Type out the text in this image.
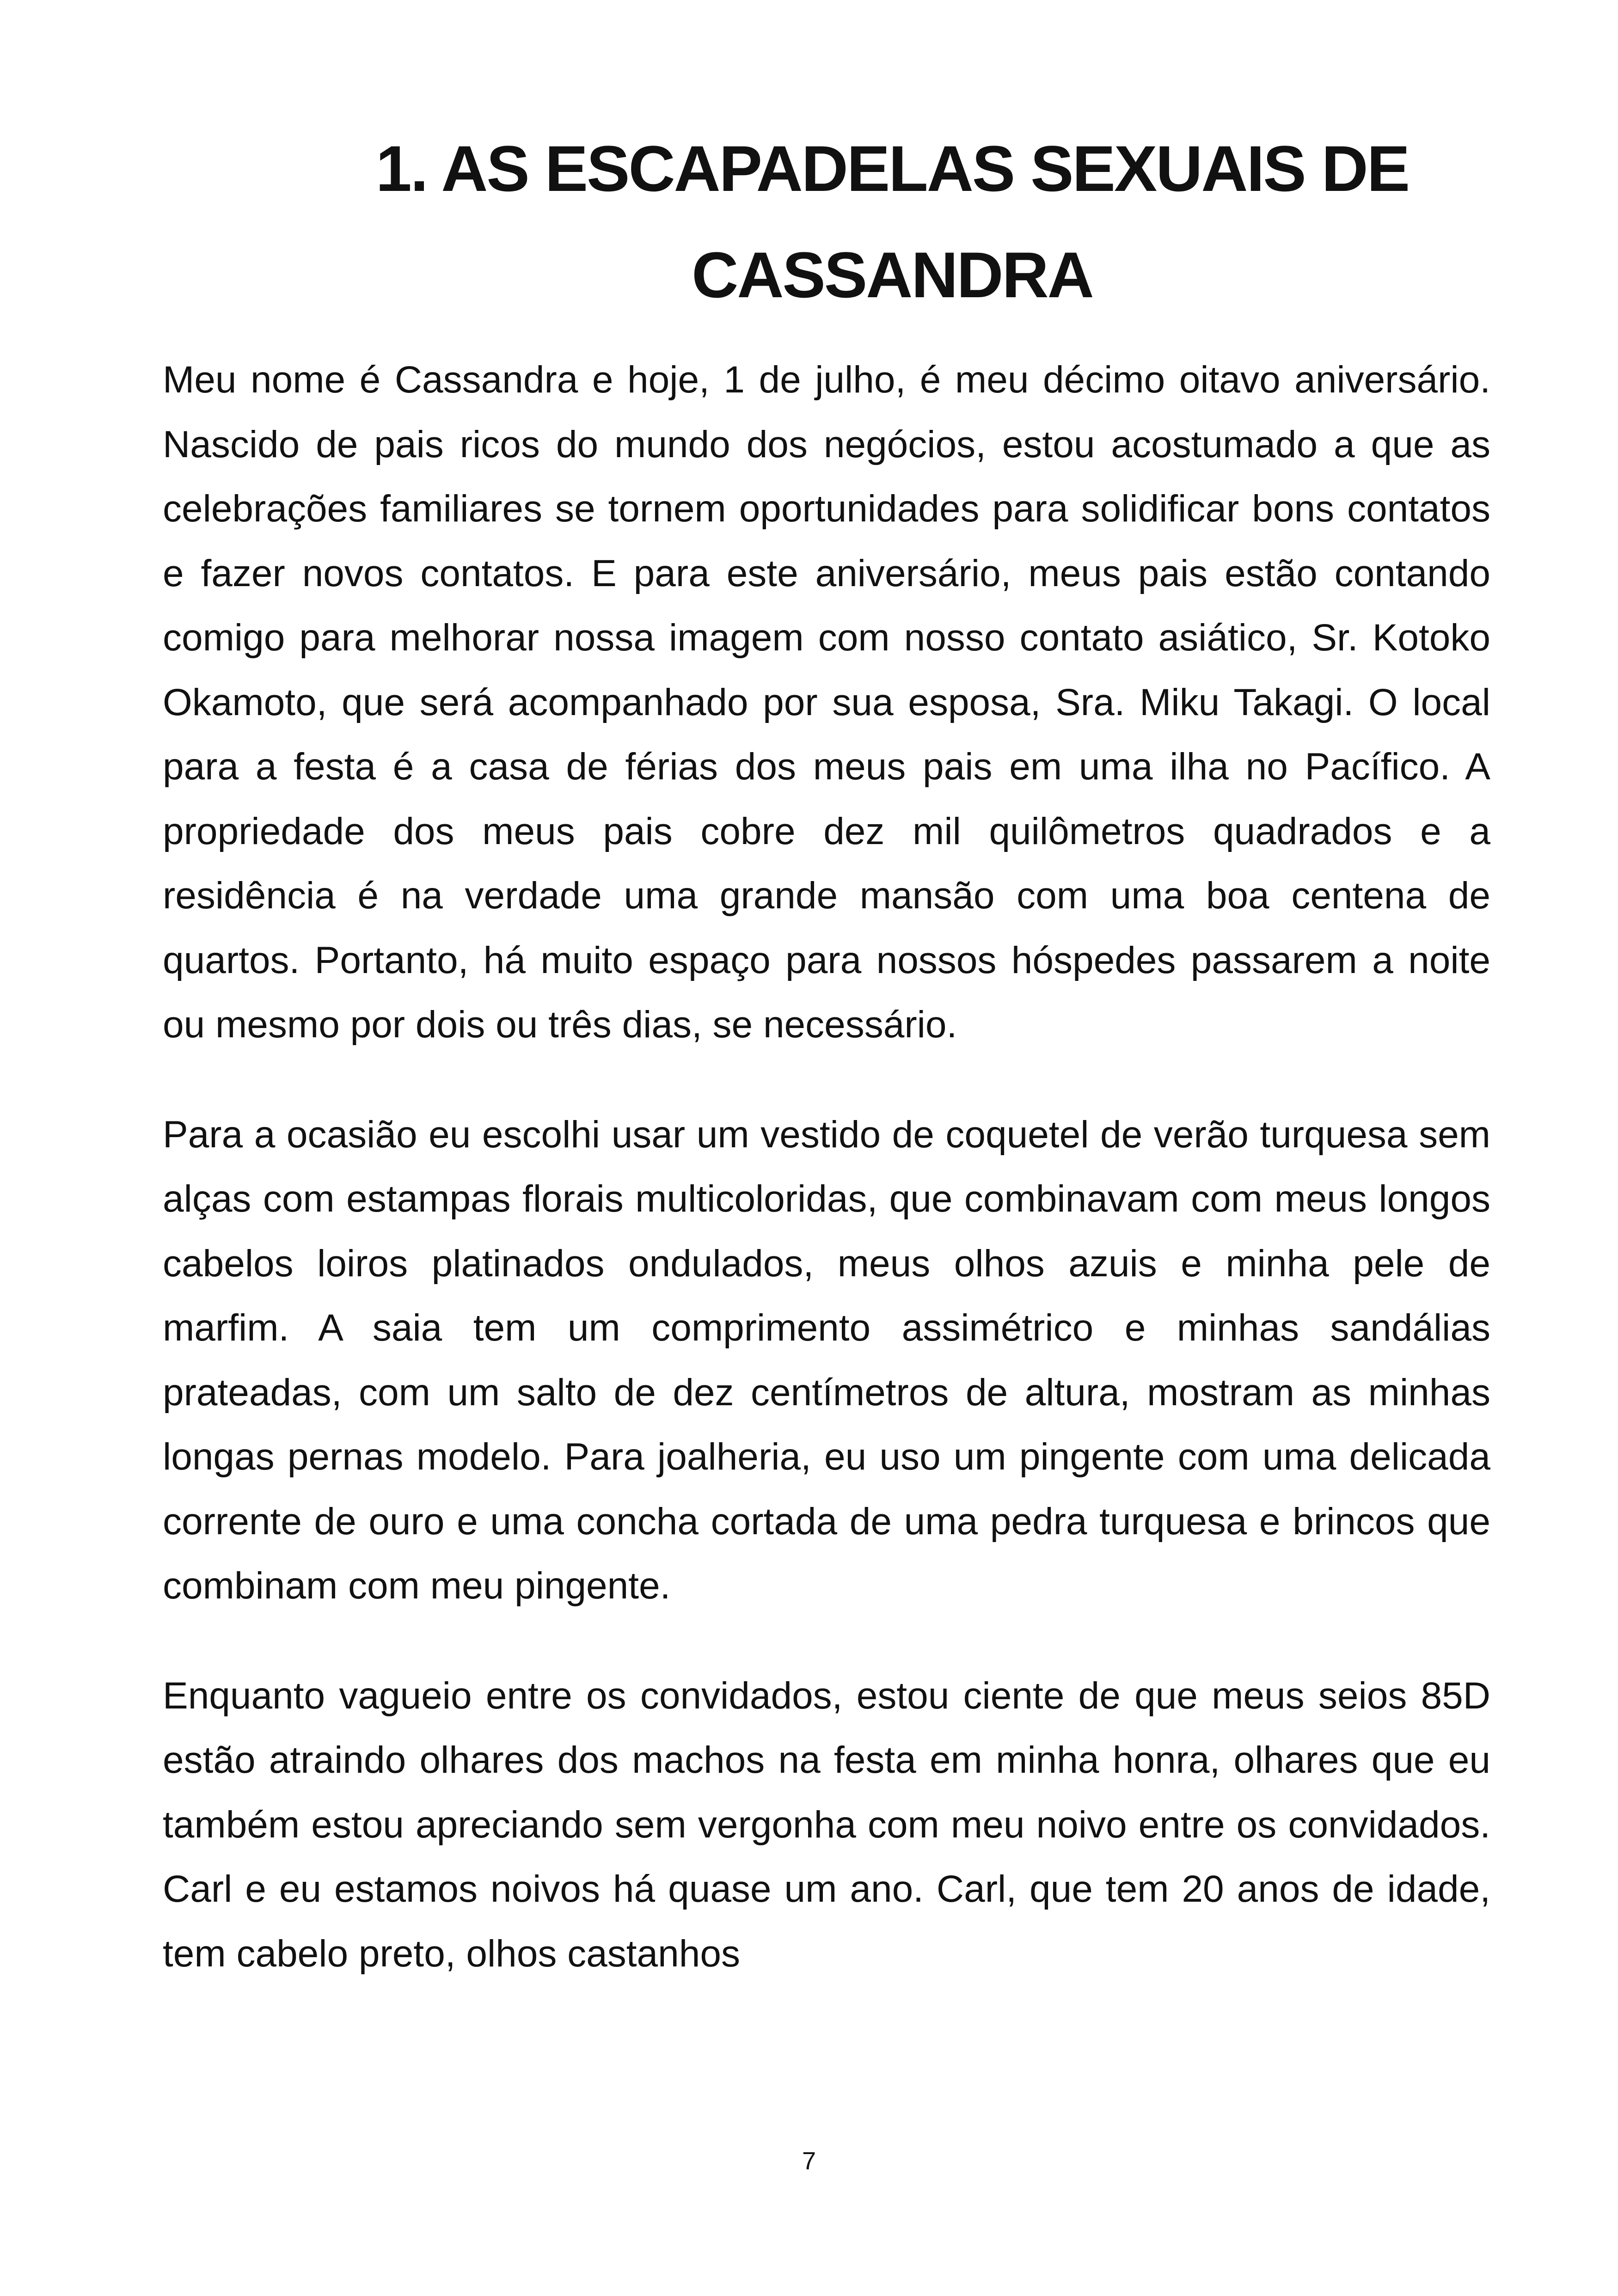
1. AS ESCAPADELAS SEXUAIS DE
CASSANDRA

Meu nome é Cassandra e hoje, 1 de julho, é meu décimo oitavo aniversário. Nascido de pais ricos do mundo dos negócios, estou acostumado a que as celebrações familiares se tornem oportunidades para solidificar bons contatos e fazer novos contatos. E para este aniversário, meus pais estão contando comigo para melhorar nossa imagem com nosso contato asiático, Sr. Kotoko Okamoto, que será acompanhado por sua esposa, Sra. Miku Takagi. O local para a festa é a casa de férias dos meus pais em uma ilha no Pacífico. A propriedade dos meus pais cobre dez mil quilômetros quadrados e a residência é na verdade uma grande mansão com uma boa centena de quartos. Portanto, há muito espaço para nossos hóspedes passarem a noite ou mesmo por dois ou três dias, se necessário.

Para a ocasião eu escolhi usar um vestido de coquetel de verão turquesa sem alças com estampas florais multicoloridas, que combinavam com meus longos cabelos loiros platinados ondulados, meus olhos azuis e minha pele de marfim. A saia tem um comprimento assimétrico e minhas sandálias prateadas, com um salto de dez centímetros de altura, mostram as minhas longas pernas modelo. Para joalheria, eu uso um pingente com uma delicada corrente de ouro e uma concha cortada de uma pedra turquesa e brincos que combinam com meu pingente.

Enquanto vagueio entre os convidados, estou ciente de que meus seios 85D estão atraindo olhares dos machos na festa em minha honra, olhares que eu também estou apreciando sem vergonha com meu noivo entre os convidados. Carl e eu estamos noivos há quase um ano. Carl, que tem 20 anos de idade, tem cabelo preto, olhos castanhos

7
